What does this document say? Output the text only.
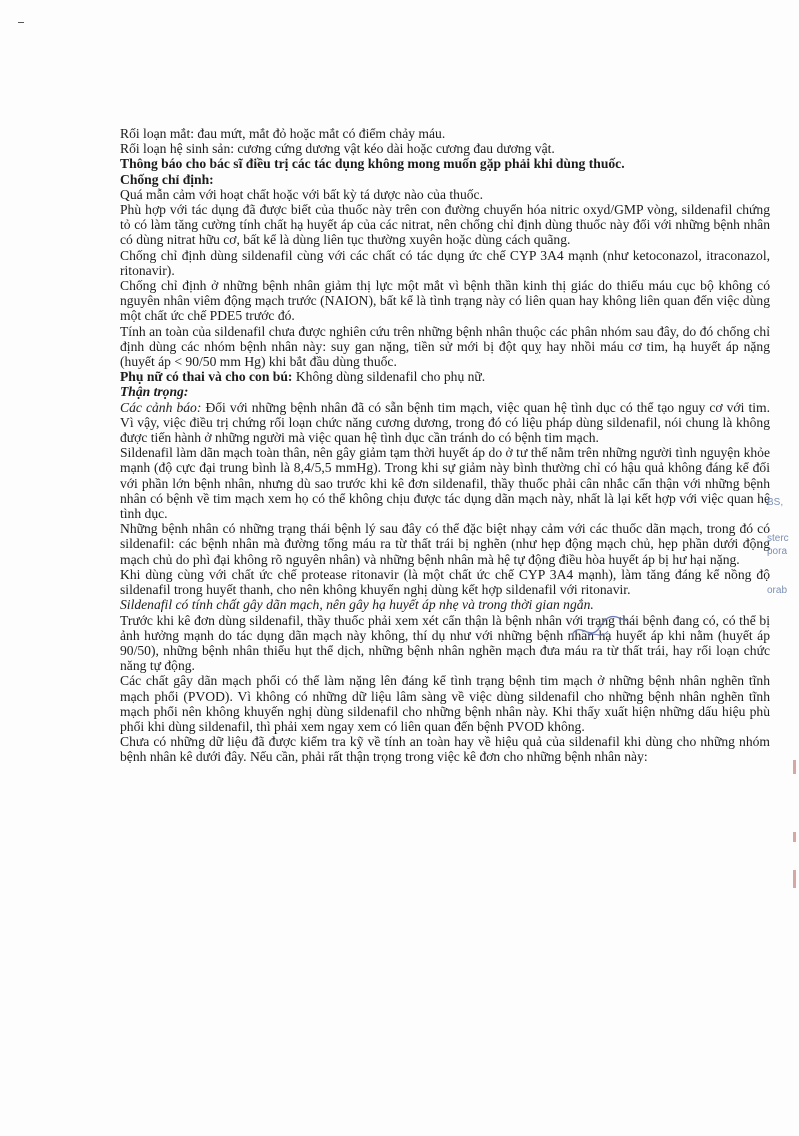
Rối loạn mắt: đau mứt, mắt đỏ hoặc mắt có điểm chảy máu.

Rối loạn hệ sinh sản: cương cứng dương vật kéo dài hoặc cương đau dương vật.

Thông báo cho bác sĩ điều trị các tác dụng không mong muốn gặp phải khi dùng thuốc.

Chống chỉ định:

Quá mẫn cảm với hoạt chất hoặc với bất kỳ tá dược nào của thuốc.

Phù hợp với tác dụng đã được biết của thuốc này trên con đường chuyển hóa nitric oxyd/GMP vòng, sildenafil chứng tỏ có làm tăng cường tính chất hạ huyết áp của các nitrat, nên chống chỉ định dùng thuốc này đối với những bệnh nhân có dùng nitrat hữu cơ, bất kể là dùng liên tục thường xuyên hoặc dùng cách quãng.

Chống chỉ định dùng sildenafil cùng với các chất có tác dụng ức chế CYP 3A4 mạnh (như ketoconazol, itraconazol, ritonavir).

Chống chỉ định ở những bệnh nhân giảm thị lực một mắt vì bệnh thần kinh thị giác do thiếu máu cục bộ không có nguyên nhân viêm động mạch trước (NAION), bất kể là tình trạng này có liên quan hay không liên quan đến việc dùng một chất ức chế PDE5 trước đó.

Tính an toàn của sildenafil chưa được nghiên cứu trên những bệnh nhân thuộc các phân nhóm sau đây, do đó chống chỉ định dùng các nhóm bệnh nhân này: suy gan nặng, tiền sử mới bị đột quỵ hay nhồi máu cơ tim, hạ huyết áp nặng (huyết áp < 90/50 mm Hg) khi bắt đầu dùng thuốc.

Phụ nữ có thai và cho con bú: Không dùng sildenafil cho phụ nữ.

Thận trọng:

Các cảnh báo: Đối với những bệnh nhân đã có sẵn bệnh tim mạch, việc quan hệ tình dục có thể tạo nguy cơ với tim. Vì vậy, việc điều trị chứng rối loạn chức năng cương dương, trong đó có liệu pháp dùng sildenafil, nói chung là không được tiến hành ở những người mà việc quan hệ tình dục cần tránh do có bệnh tim mạch.

Sildenafil làm dãn mạch toàn thân, nên gây giảm tạm thời huyết áp do ở tư thế nằm trên những người tình nguyện khỏe mạnh (độ cực đại trung bình là 8,4/5,5 mmHg). Trong khi sự giảm này bình thường chỉ có hậu quả không đáng kể đối với phần lớn bệnh nhân, nhưng dù sao trước khi kê đơn sildenafil, thầy thuốc phải cân nhắc cẩn thận với những bệnh nhân có bệnh về tim mạch xem họ có thể không chịu được tác dụng dãn mạch này, nhất là lại kết hợp với việc quan hệ tình dục.

Những bệnh nhân có những trạng thái bệnh lý sau đây có thể đặc biệt nhạy cảm với các thuốc dãn mạch, trong đó có sildenafil: các bệnh nhân mà đường tống máu ra từ thất trái bị nghẽn (như hẹp động mạch chủ, hẹp phần dưới động mạch chủ do phì đại không rõ nguyên nhân) và những bệnh nhân mà hệ tự động điều hòa huyết áp bị hư hại nặng.

Khi dùng cùng với chất ức chế protease ritonavir (là một chất ức chế CYP 3A4 mạnh), làm tăng đáng kể nồng độ sildenafil trong huyết thanh, cho nên không khuyến nghị dùng kết hợp sildenafil với ritonavir.

Sildenafil có tính chất gây dãn mạch, nên gây hạ huyết áp nhẹ và trong thời gian ngắn.

Trước khi kê đơn dùng sildenafil, thầy thuốc phải xem xét cẩn thận là bệnh nhân với trạng thái bệnh đang có, có thể bị ảnh hưởng mạnh do tác dụng dãn mạch này không, thí dụ như với những bệnh nhân hạ huyết áp khi nằm (huyết áp 90/50), những bệnh nhân thiếu hụt thể dịch, những bệnh nhân nghẽn mạch đưa máu ra từ thất trái, hay rối loạn chức năng tự động.

Các chất gây dãn mạch phổi có thể làm nặng lên đáng kể tình trạng bệnh tim mạch ở những bệnh nhân nghẽn tĩnh mạch phổi (PVOD). Vì không có những dữ liệu lâm sàng về việc dùng sildenafil cho những bệnh nhân nghẽn tĩnh mạch phổi nên không khuyến nghị dùng sildenafil cho những bệnh nhân này. Khi thấy xuất hiện những dấu hiệu phù phổi khi dùng sildenafil, thì phải xem ngay xem có liên quan đến bệnh PVOD không.

Chưa có những dữ liệu đã được kiểm tra kỹ về tính an toàn hay về hiệu quả của sildenafil khi dùng cho những nhóm bệnh nhân kê dưới đây. Nếu cần, phải rất thận trọng trong việc kê đơn cho những bệnh nhân này:

BS,
sterc
pora
orab
